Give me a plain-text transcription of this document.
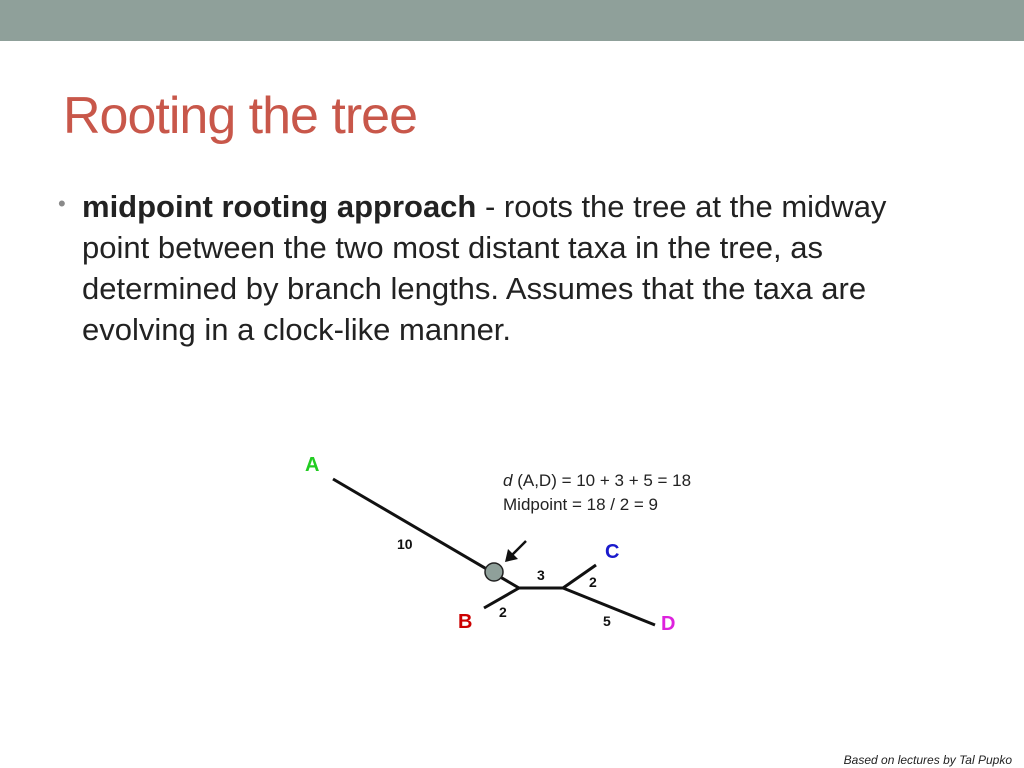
Rooting the tree
• midpoint rooting approach - roots the tree at the midway point between the two most distant taxa in the tree, as determined by branch lengths. Assumes that the taxa are evolving in a clock-like manner.
A
B
C
D
10
2
3	2
5
d (A,D) = 10 + 3 + 5 = 18
Midpoint = 18 / 2 = 9
Based on lectures by Tal Pupko
